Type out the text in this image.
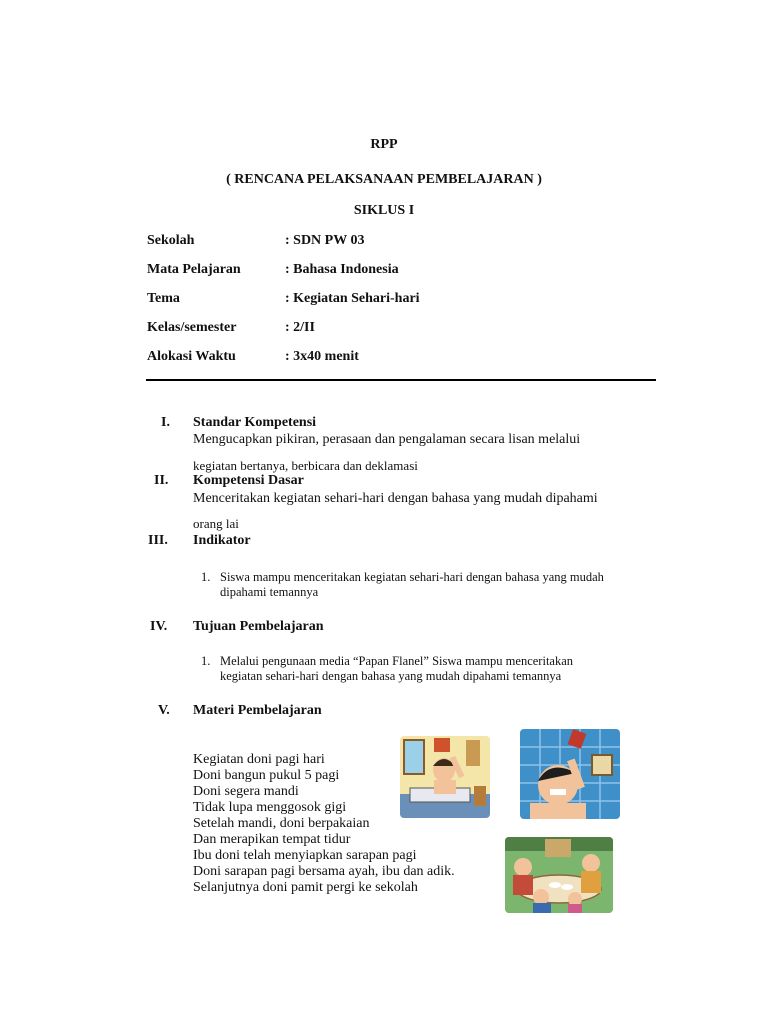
RPP
( RENCANA PELAKSANAAN PEMBELAJARAN )
SIKLUS I
Sekolah	: SDN PW 03
Mata Pelajaran	: Bahasa Indonesia
Tema	: Kegiatan Sehari-hari
Kelas/semester	: 2/II
Alokasi Waktu	: 3x40 menit
I. Standar Kompetensi
Mengucapkan pikiran, perasaan dan pengalaman secara lisan melalui
kegiatan bertanya, berbicara dan deklamasi
II. Kompetensi Dasar
Menceritakan kegiatan sehari-hari dengan bahasa yang mudah dipahami
orang lai
III. Indikator
1. Siswa mampu menceritakan kegiatan sehari-hari dengan bahasa yang mudah
dipahami temannya
IV. Tujuan Pembelajaran
1. Melalui pengunaan media “Papan Flanel” Siswa mampu menceritakan
kegiatan sehari-hari dengan bahasa yang mudah dipahami temannya
V. Materi Pembelajaran
Kegiatan doni pagi hari
Doni bangun pukul 5 pagi
Doni segera mandi
Tidak lupa menggosok gigi
Setelah mandi, doni berpakaian
Dan merapikan tempat tidur
Ibu doni telah menyiapkan sarapan pagi
Doni sarapan pagi bersama ayah, ibu dan adik.
Selanjutnya doni pamit pergi ke sekolah
